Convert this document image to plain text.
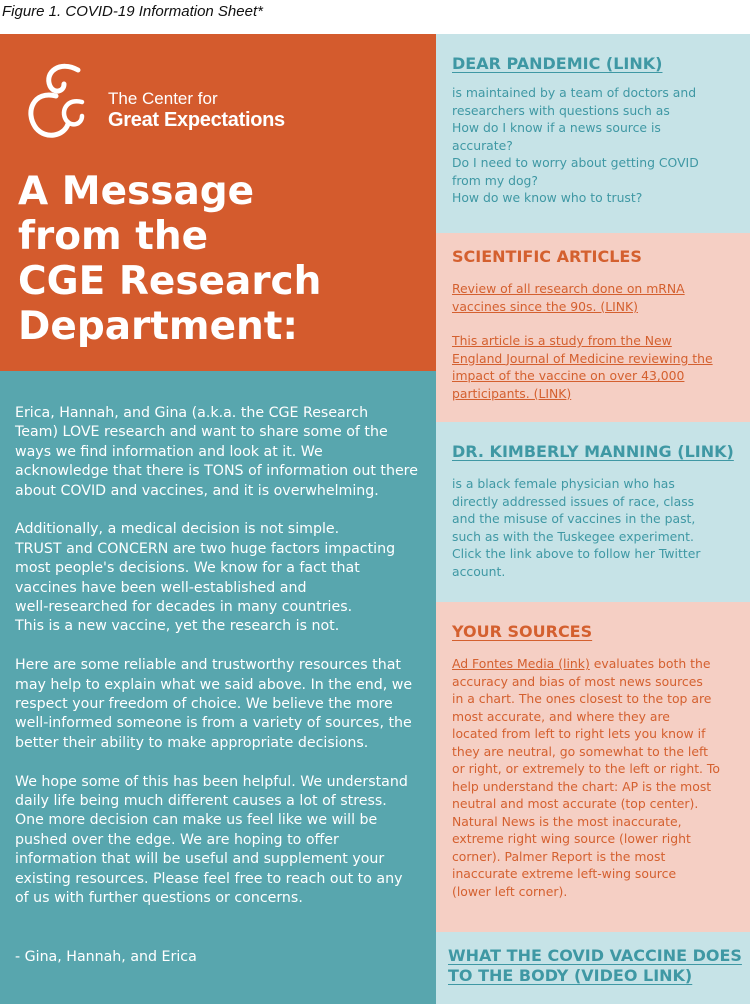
Figure 1. COVID-19 Information Sheet*
The Center for
Great Expectations
A Message
from the
CGE Research
Department:

Erica, Hannah, and Gina (a.k.a. the CGE Research
Team) LOVE research and want to share some of the
ways we find information and look at it. We
acknowledge that there is TONS of information out there
about COVID and vaccines, and it is overwhelming.

Additionally, a medical decision is not simple.
TRUST and CONCERN are two huge factors impacting
most people's decisions. We know for a fact that
vaccines have been well-established and
well-researched for decades in many countries.
This is a new vaccine, yet the research is not.

Here are some reliable and trustworthy resources that
may help to explain what we said above. In the end, we
respect your freedom of choice. We believe the more
well-informed someone is from a variety of sources, the
better their ability to make appropriate decisions.

We hope some of this has been helpful. We understand
daily life being much different causes a lot of stress.
One more decision can make us feel like we will be
pushed over the edge. We are hoping to offer
information that will be useful and supplement your
existing resources. Please feel free to reach out to any
of us with further questions or concerns.

- Gina, Hannah, and Erica
DEAR PANDEMIC (LINK)
is maintained by a team of doctors and
researchers with questions such as
How do I know if a news source is
accurate?
Do I need to worry about getting COVID
from my dog?
How do we know who to trust?
SCIENTIFIC ARTICLES
Review of all research done on mRNA
vaccines since the 90s. (LINK)
This article is a study from the New
England Journal of Medicine reviewing the
impact of the vaccine on over 43,000
participants. (LINK)
DR. KIMBERLY MANNING (LINK)
is a black female physician who has
directly addressed issues of race, class
and the misuse of vaccines in the past,
such as with the Tuskegee experiment.
Click the link above to follow her Twitter
account.
YOUR SOURCES
Ad Fontes Media (link) evaluates both the
accuracy and bias of most news sources
in a chart. The ones closest to the top are
most accurate, and where they are
located from left to right lets you know if
they are neutral, go somewhat to the left
or right, or extremely to the left or right. To
help understand the chart: AP is the most
neutral and most accurate (top center).
Natural News is the most inaccurate,
extreme right wing source (lower right
corner). Palmer Report is the most
inaccurate extreme left-wing source
(lower left corner).
WHAT THE COVID VACCINE DOES
TO THE BODY (VIDEO LINK)
